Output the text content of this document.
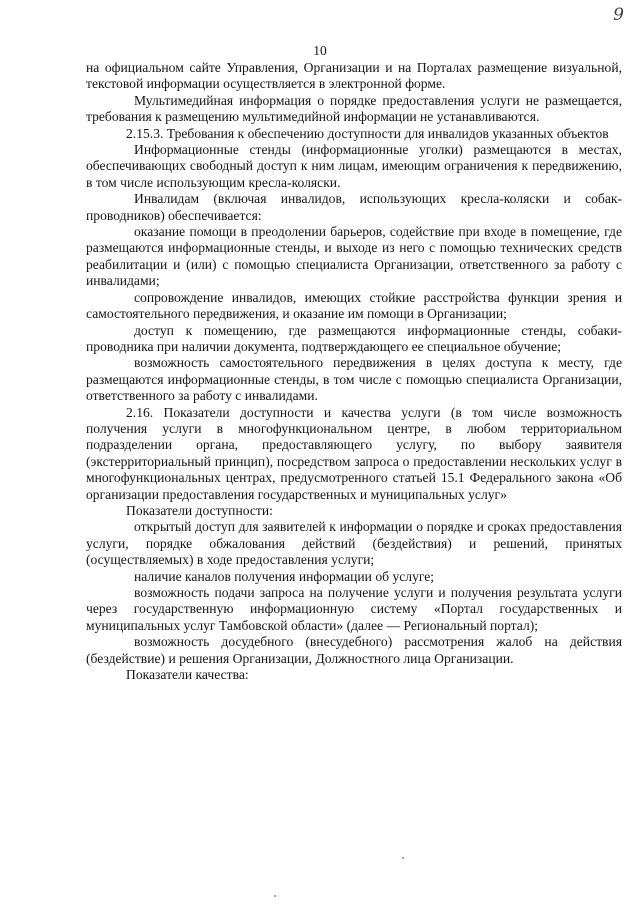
9
10

на официальном сайте Управления, Организации и на Порталах размещение визуальной, текстовой информации осуществляется в электронной форме.

Мультимедийная информация о порядке предоставления услуги не размещается, требования к размещению мультимедийной информации не устанавливаются.

2.15.3. Требования к обеспечению доступности для инвалидов указанных объектов

Информационные стенды (информационные уголки) размещаются в местах, обеспечивающих свободный доступ к ним лицам, имеющим ограничения к передвижению, в том числе использующим кресла-коляски.

Инвалидам (включая инвалидов, использующих кресла-коляски и собак-проводников) обеспечивается:

оказание помощи в преодолении барьеров, содействие при входе в помещение, где размещаются информационные стенды, и выходе из него с помощью технических средств реабилитации и (или) с помощью специалиста Организации, ответственного за работу с инвалидами;

сопровождение инвалидов, имеющих стойкие расстройства функции зрения и самостоятельного передвижения, и оказание им помощи в Организации;

доступ к помещению, где размещаются информационные стенды, собаки-проводника при наличии документа, подтверждающего ее специальное обучение;

возможность самостоятельного передвижения в целях доступа к месту, где размещаются информационные стенды, в том числе с помощью специалиста Организации, ответственного за работу с инвалидами.

2.16. Показатели доступности и качества услуги (в том числе возможность получения услуги в многофункциональном центре, в любом территориальном подразделении органа, предоставляющего услугу, по выбору заявителя (экстерриториальный принцип), посредством запроса о предоставлении нескольких услуг в многофункциональных центрах, предусмотренного статьей 15.1 Федерального закона «Об организации предоставления государственных и муниципальных услуг»

Показатели доступности:

открытый доступ для заявителей к информации о порядке и сроках предоставления услуги, порядке обжалования действий (бездействия) и решений, принятых (осуществляемых) в ходе предоставления услуги;

наличие каналов получения информации об услуге;

возможность подачи запроса на получение услуги и получения результата услуги через государственную информационную систему «Портал государственных и муниципальных услуг Тамбовской области» (далее — Региональный портал);

возможность досудебного (внесудебного) рассмотрения жалоб на действия (бездействие) и решения Организации, Должностного лица Организации.

Показатели качества:
